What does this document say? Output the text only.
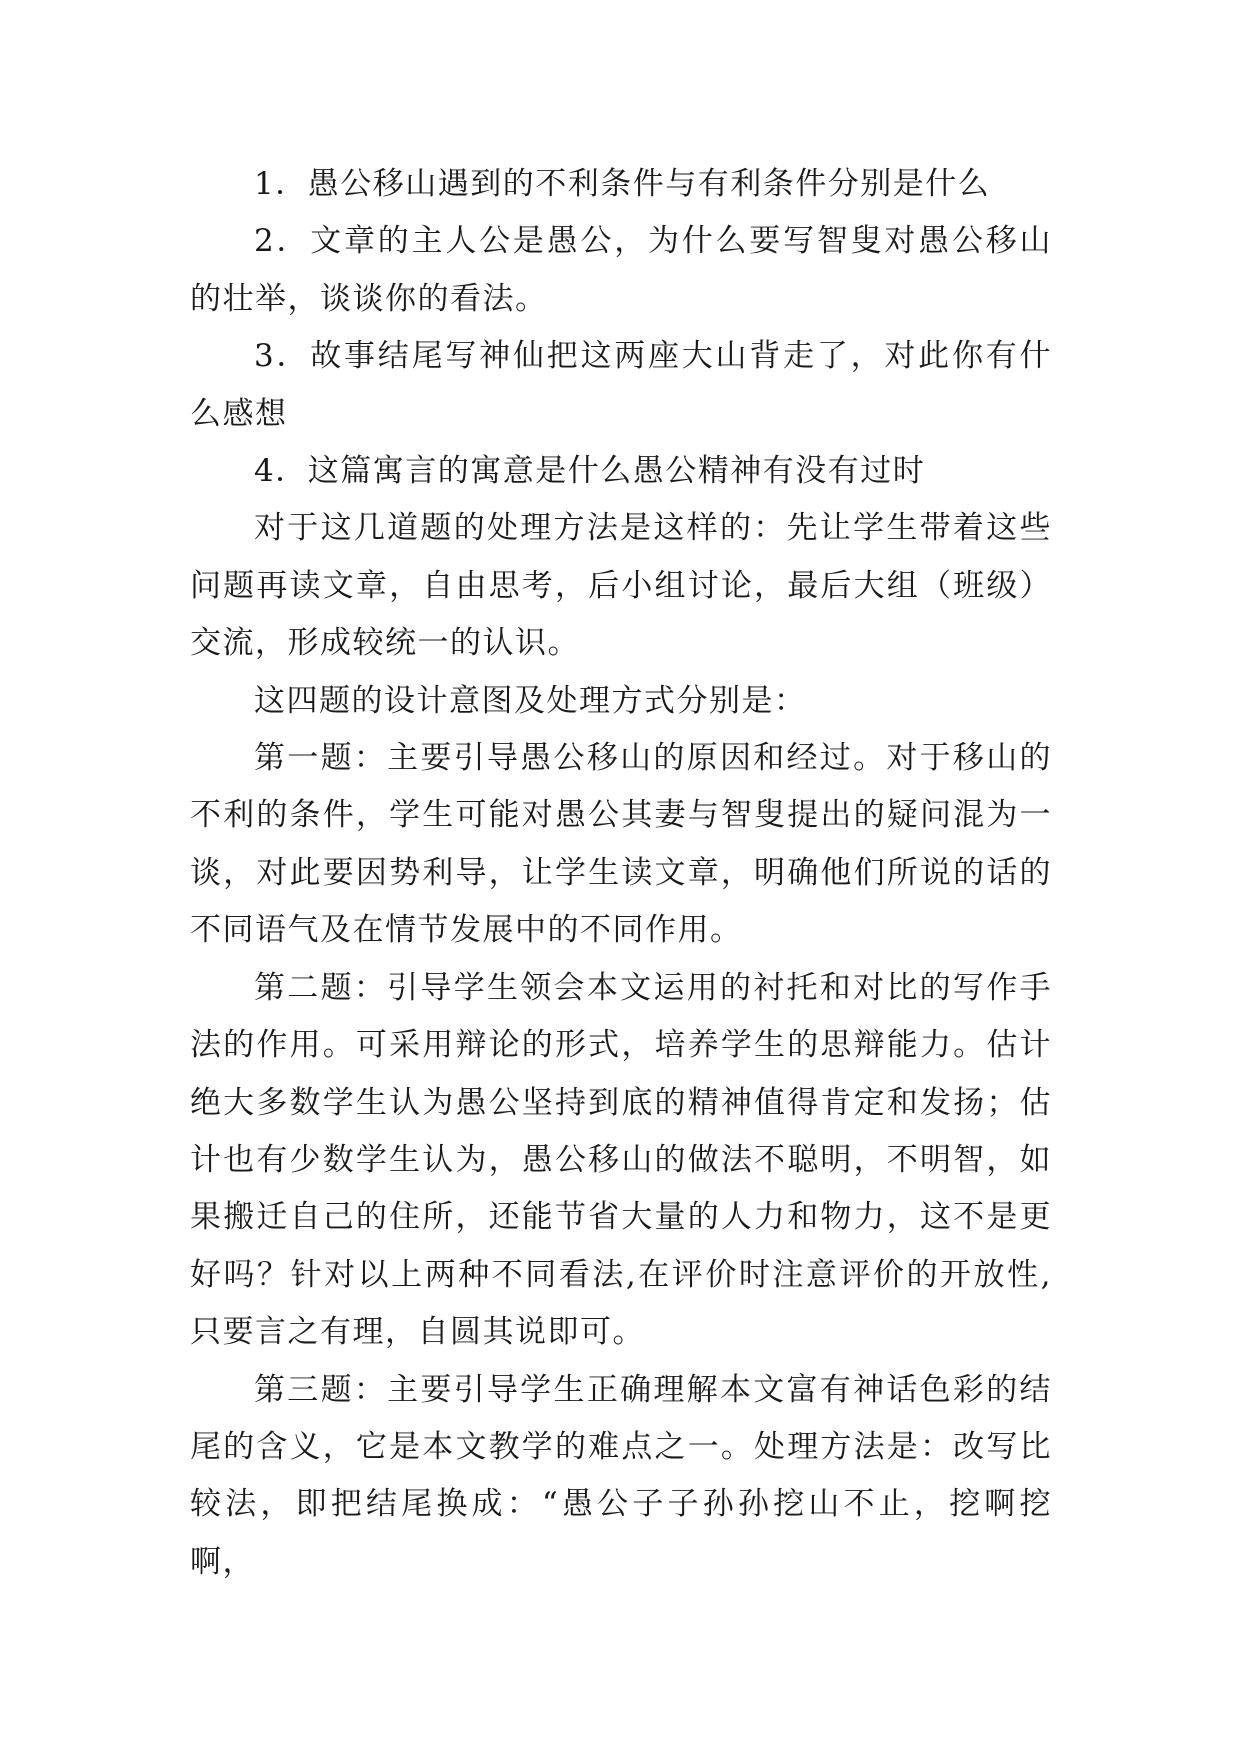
1．愚公移山遇到的不利条件与有利条件分别是什么

2．文章的主人公是愚公，为什么要写智叟对愚公移山的壮举，谈谈你的看法。

3．故事结尾写神仙把这两座大山背走了，对此你有什么感想

4．这篇寓言的寓意是什么愚公精神有没有过时

对于这几道题的处理方法是这样的：先让学生带着这些问题再读文章，自由思考，后小组讨论，最后大组（班级）交流，形成较统一的认识。

这四题的设计意图及处理方式分别是：

第一题：主要引导愚公移山的原因和经过。对于移山的不利的条件，学生可能对愚公其妻与智叟提出的疑问混为一谈，对此要因势利导，让学生读文章，明确他们所说的话的不同语气及在情节发展中的不同作用。

第二题：引导学生领会本文运用的衬托和对比的写作手法的作用。可采用辩论的形式，培养学生的思辩能力。估计绝大多数学生认为愚公坚持到底的精神值得肯定和发扬；估计也有少数学生认为，愚公移山的做法不聪明，不明智，如果搬迁自己的住所，还能节省大量的人力和物力，这不是更好吗？针对以上两种不同看法,在评价时注意评价的开放性,只要言之有理，自圆其说即可。

第三题：主要引导学生正确理解本文富有神话色彩的结尾的含义，它是本文教学的难点之一。处理方法是：改写比较法，即把结尾换成：“愚公子子孙孙挖山不止，挖啊挖啊，
